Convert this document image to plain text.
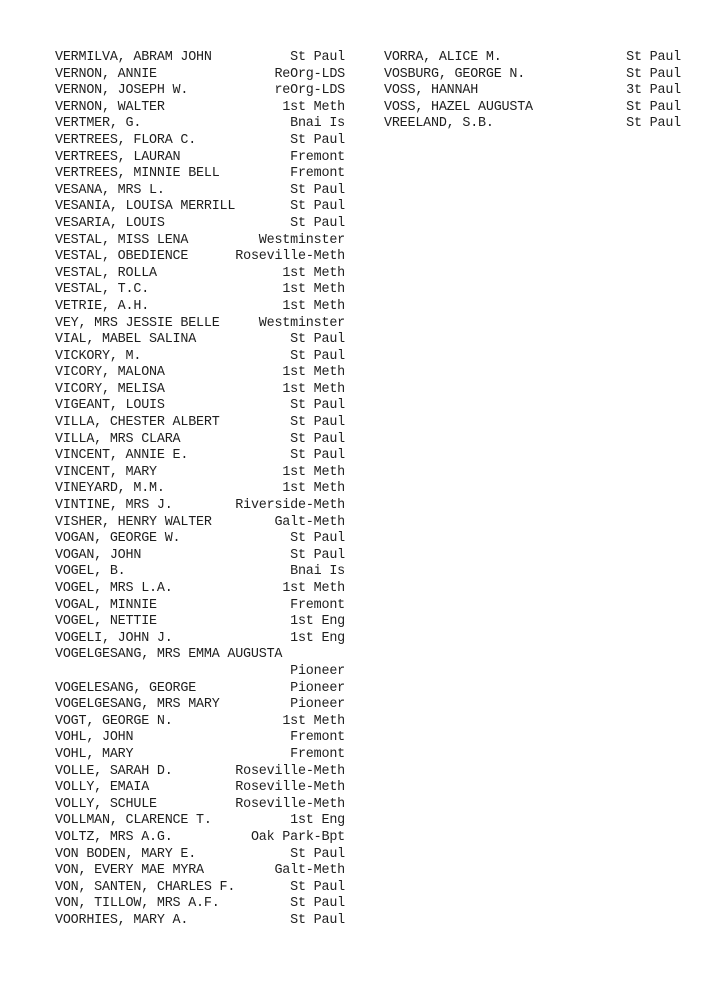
VERMILVA, ABRAM JOHN	St Paul
VERNON, ANNIE	ReOrg-LDS
VERNON, JOSEPH W.	reOrg-LDS
VERNON, WALTER	1st Meth
VERTMER, G.	Bnai Is
VERTREES, FLORA C.	St Paul
VERTREES, LAURAN	Fremont
VERTREES, MINNIE BELL	Fremont
VESANA, MRS L.	St Paul
VESANIA, LOUISA MERRILL	St Paul
VESARIA, LOUIS	St Paul
VESTAL, MISS LENA	Westminster
VESTAL, OBEDIENCE	Roseville-Meth
VESTAL, ROLLA	1st Meth
VESTAL, T.C.	1st Meth
VETRIE, A.H.	1st Meth
VEY, MRS JESSIE BELLE	Westminster
VIAL, MABEL SALINA	St Paul
VICKORY, M.	St Paul
VICORY, MALONA	1st Meth
VICORY, MELISA	1st Meth
VIGEANT, LOUIS	St Paul
VILLA, CHESTER ALBERT	St Paul
VILLA, MRS CLARA	St Paul
VINCENT, ANNIE E.	St Paul
VINCENT, MARY	1st Meth
VINEYARD, M.M.	1st Meth
VINTINE, MRS J.	Riverside-Meth
VISHER, HENRY WALTER	Galt-Meth
VOGAN, GEORGE W.	St Paul
VOGAN, JOHN	St Paul
VOGEL, B.	Bnai Is
VOGEL, MRS L.A.	1st Meth
VOGAL, MINNIE	Fremont
VOGEL, NETTIE	1st Eng
VOGELI, JOHN J.	1st Eng
VOGELGESANG, MRS EMMA AUGUSTA
Pioneer
VOGELESANG, GEORGE	Pioneer
VOGELGESANG, MRS MARY	Pioneer
VOGT, GEORGE N.	1st Meth
VOHL, JOHN	Fremont
VOHL, MARY	Fremont
VOLLE, SARAH D.	Roseville-Meth
VOLLY, EMAIA	Roseville-Meth
VOLLY, SCHULE	Roseville-Meth
VOLLMAN, CLARENCE T.	1st Eng
VOLTZ, MRS A.G.	Oak Park-Bpt
VON BODEN, MARY E.	St Paul
VON, EVERY MAE MYRA	Galt-Meth
VON, SANTEN, CHARLES F.	St Paul
VON, TILLOW, MRS A.F.	St Paul
VOORHIES, MARY A.	St Paul
VORRA, ALICE M.	St Paul
VOSBURG, GEORGE N.	St Paul
VOSS, HANNAH	3t Paul
VOSS, HAZEL AUGUSTA	St Paul
VREELAND, S.B.	St Paul
